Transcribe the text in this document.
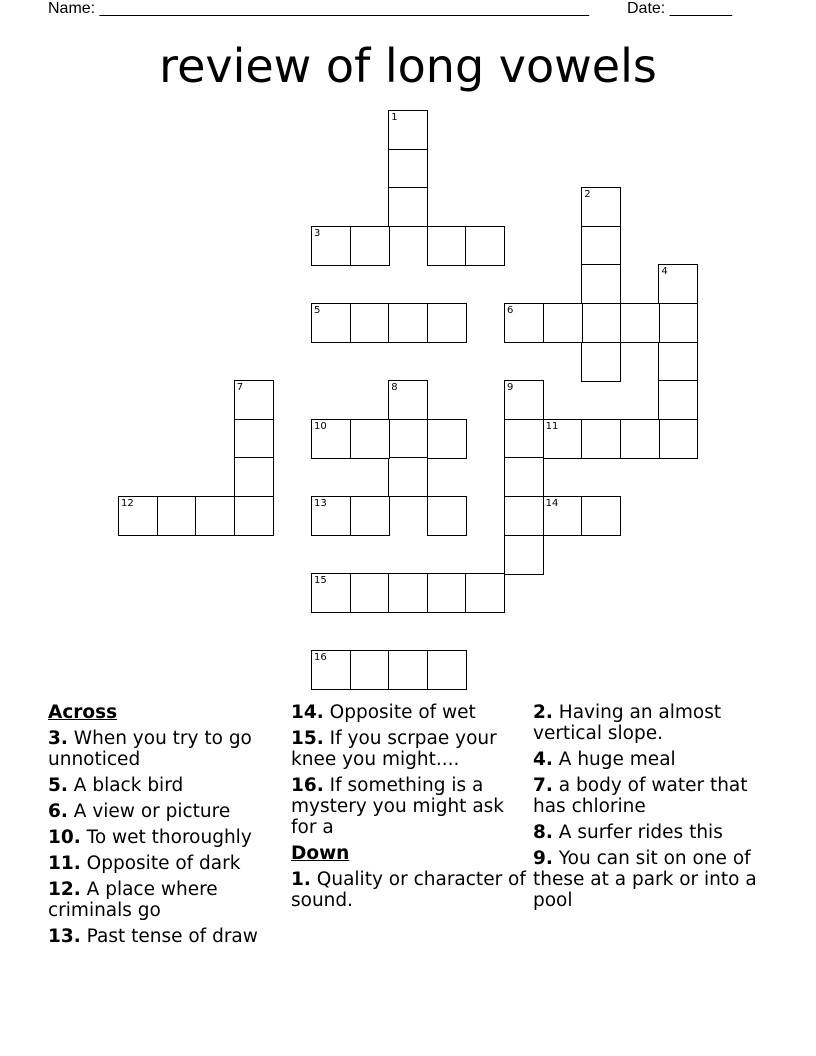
Name: _______________________________________________________ Date: _______
review of long vowels
1
2
3
4
5	6
7	8	9
10	11
12	13	14
15
16
Across
3. When you try to go unnoticed
5. A black bird
6. A view or picture
10. To wet thoroughly
11. Opposite of dark
12. A place where criminals go
13. Past tense of draw
14. Opposite of wet
15. If you scrpae your knee you might....
16. If something is a mystery you might ask for a
Down
1. Quality or character of sound.
2. Having an almost vertical slope.
4. A huge meal
7. a body of water that has chlorine
8. A surfer rides this
9. You can sit on one of these at a park or into a pool
